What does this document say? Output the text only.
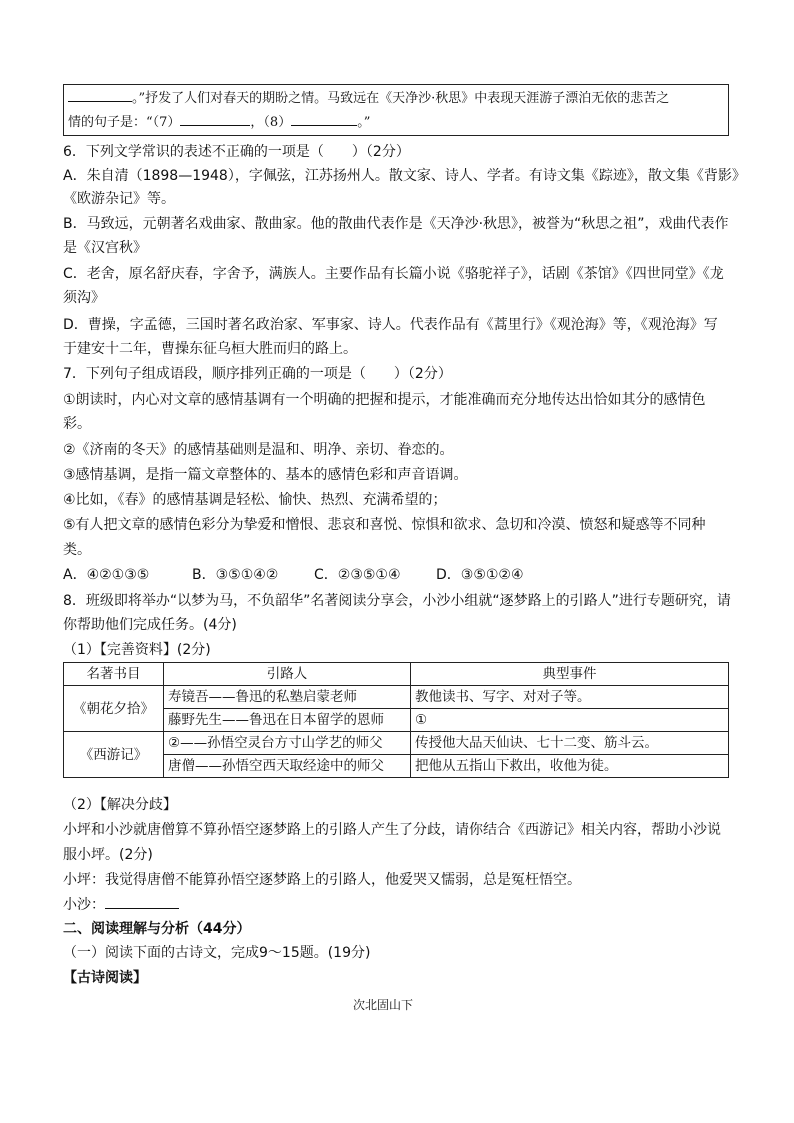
。”抒发了人们对春天的期盼之情。马致远在《天净沙·秋思》中表现天涯游子漂泊无依的悲苦之
情的句子是：“（7）	，（8）	。”
6．下列文学常识的表述不正确的一项是（　　）（2分）
A．朱自清（1898—1948），字佩弦，江苏扬州人。散文家、诗人、学者。有诗文集《踪迹》，散文集《背影》
《欧游杂记》等。
B．马致远，元朝著名戏曲家、散曲家。他的散曲代表作是《天净沙·秋思》，被誉为“秋思之祖”，戏曲代表作
是《汉宫秋》
C．老舍，原名舒庆春，字舍予，满族人。主要作品有长篇小说《骆驼祥子》，话剧《茶馆》《四世同堂》《龙
须沟》
D．曹操，字孟德，三国时著名政治家、军事家、诗人。代表作品有《蒿里行》《观沧海》等，《观沧海》写
于建安十二年，曹操东征乌桓大胜而归的路上。
7．下列句子组成语段，顺序排列正确的一项是（　　）（2分）
①朗读时，内心对文章的感情基调有一个明确的把握和提示，才能准确而充分地传达出恰如其分的感情色
彩。
②《济南的冬天》的感情基础则是温和、明净、亲切、眷恋的。
③感情基调，是指一篇文章整体的、基本的感情色彩和声音语调。
④比如，《春》的感情基调是轻松、愉快、热烈、充满希望的；
⑤有人把文章的感情色彩分为挚爱和憎恨、悲哀和喜悦、惊惧和欲求、急切和冷漠、愤怒和疑惑等不同种
类。
A．④②①③⑤	B．③⑤①④②	C．②③⑤①④	D．③⑤①②④
8．班级即将举办“以梦为马，不负韶华”名著阅读分享会，小沙小组就“逐梦路上的引路人”进行专题研究，请
你帮助他们完成任务。(4分)
（1）【完善资料】(2分)
名著书目	引路人	典型事件
《朝花夕拾》	寿镜吾——鲁迅的私塾启蒙老师	教他读书、写字、对对子等。
	藤野先生——鲁迅在日本留学的恩师	①
《西游记》	②——孙悟空灵台方寸山学艺的师父	传授他大品天仙诀、七十二变、筋斗云。
	唐僧——孙悟空西天取经途中的师父	把他从五指山下救出，收他为徒。
（2）【解决分歧】
小坪和小沙就唐僧算不算孙悟空逐梦路上的引路人产生了分歧，请你结合《西游记》相关内容，帮助小沙说
服小坪。(2分)
小坪：我觉得唐僧不能算孙悟空逐梦路上的引路人，他爱哭又懦弱，总是冤枉悟空。
小沙：
二、阅读理解与分析（44分）
（一）阅读下面的古诗文，完成9～15题。(19分)
【古诗阅读】
次北固山下
